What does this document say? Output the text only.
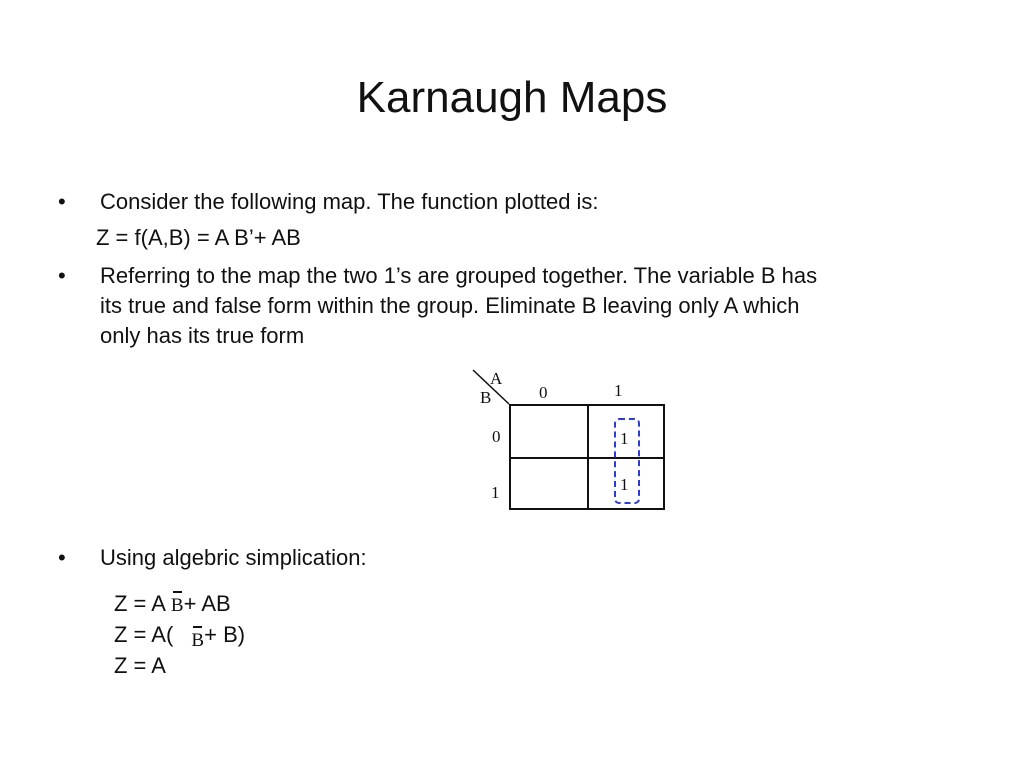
Karnaugh Maps
• Consider the following map. The function plotted is:
Z = f(A,B) = A B’+ AB
• Referring to the map the two 1’s are grouped together. The variable B has
its true and false form within the group. Eliminate B leaving only A which
only has its true form
A
B	0	1
0
1
1
1
• Using algebric simplication:
Z = A B+ AB
Z = A( B+ B)
Z = A
